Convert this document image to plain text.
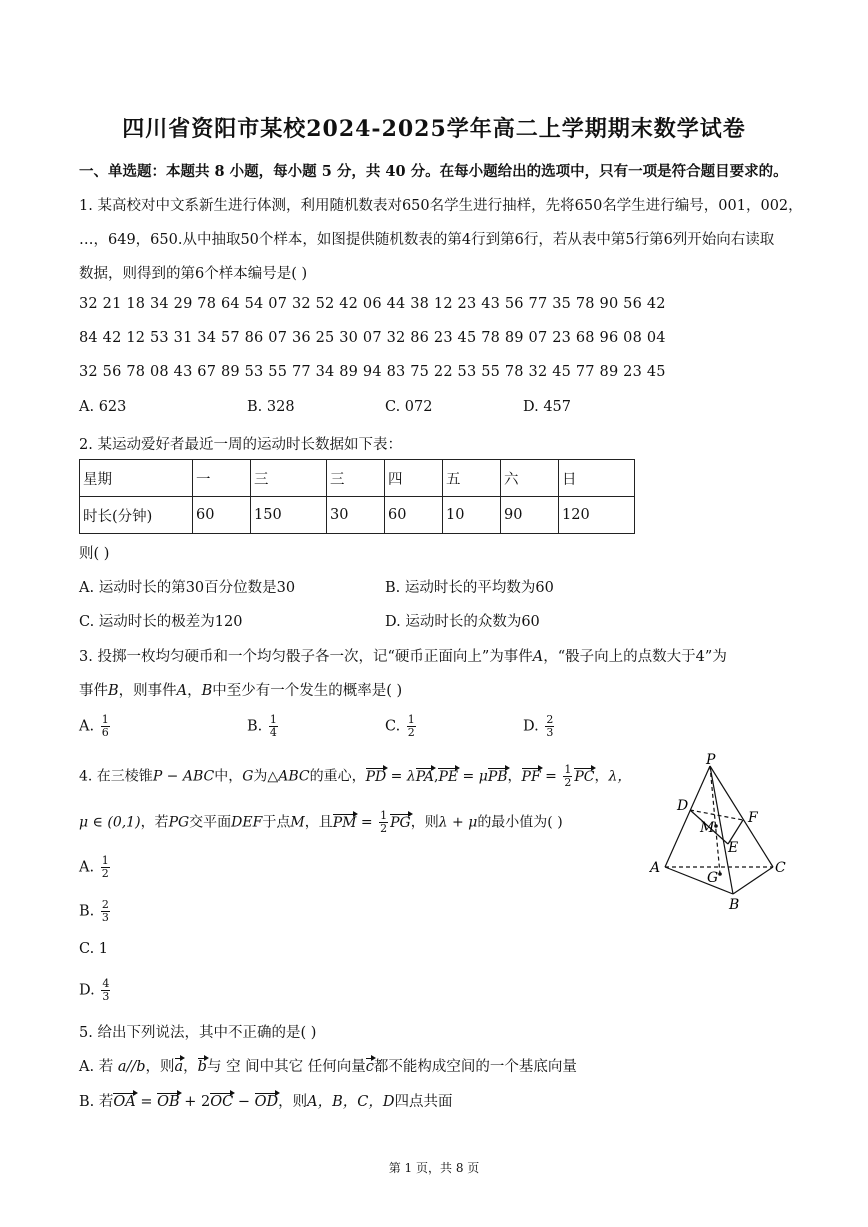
四川省资阳市某校2024-2025学年高二上学期期末数学试卷
一、单选题：本题共 8 小题，每小题 5 分，共 40 分。在每小题给出的选项中，只有一项是符合题目要求的。
1. 某高校对中文系新生进行体测，利用随机数表对650名学生进行抽样，先将650名学生进行编号，001，002，
…，649，650.从中抽取50个样本，如图提供随机数表的第4行到第6行，若从表中第5行第6列开始向右读取
数据，则得到的第6个样本编号是( )
32 21 18 34 29 78 64 54 07 32 52 42 06 44 38 12 23 43 56 77 35 78 90 56 42
84 42 12 53 31 34 57 86 07 36 25 30 07 32 86 23 45 78 89 07 23 68 96 08 04
32 56 78 08 43 67 89 53 55 77 34 89 94 83 75 22 53 55 78 32 45 77 89 23 45
A. 623	B. 328	C. 072	D. 457
2. 某运动爱好者最近一周的运动时长数据如下表：
星期	一	三	三	四	五	六	日
时长(分钟)	60	150	30	60	10	90	120
则( )
A. 运动时长的第30百分位数是30	B. 运动时长的平均数为60
C. 运动时长的极差为120	D. 运动时长的众数为60
3. 投掷一枚均匀硬币和一个均匀骰子各一次，记“硬币正面向上”为事件A，“骰子向上的点数大于4”为
事件B，则事件A，B中至少有一个发生的概率是( )
A. $\frac{1}{6}$	B. $\frac{1}{4}$	C. $\frac{1}{2}$	D. $\frac{2}{3}$
4. 在三棱锥P − ABC中，G为△ABC的重心，PD = λPA,PE = μPB，PF = $\frac{1}{2}$ PC，λ，
μ ∈ (0,1)，若PG交平面DEF于点M，且PM = $\frac{1}{2}$ PG，则λ + μ的最小值为( )
A. $\frac{1}{2}$
B. $\frac{2}{3}$
C. 1
D. $\frac{4}{3}$
P
D
F
M
E
A	C
G
B
5. 给出下列说法，其中不正确的是( )
A. 若 a//b，则a，b与 空 间中其它 任何向量c都不能构成空间的一个基底向量
B. 若OA = OB + 2OC − OD，则A，B，C，D四点共面
第 1 页，共 8 页
